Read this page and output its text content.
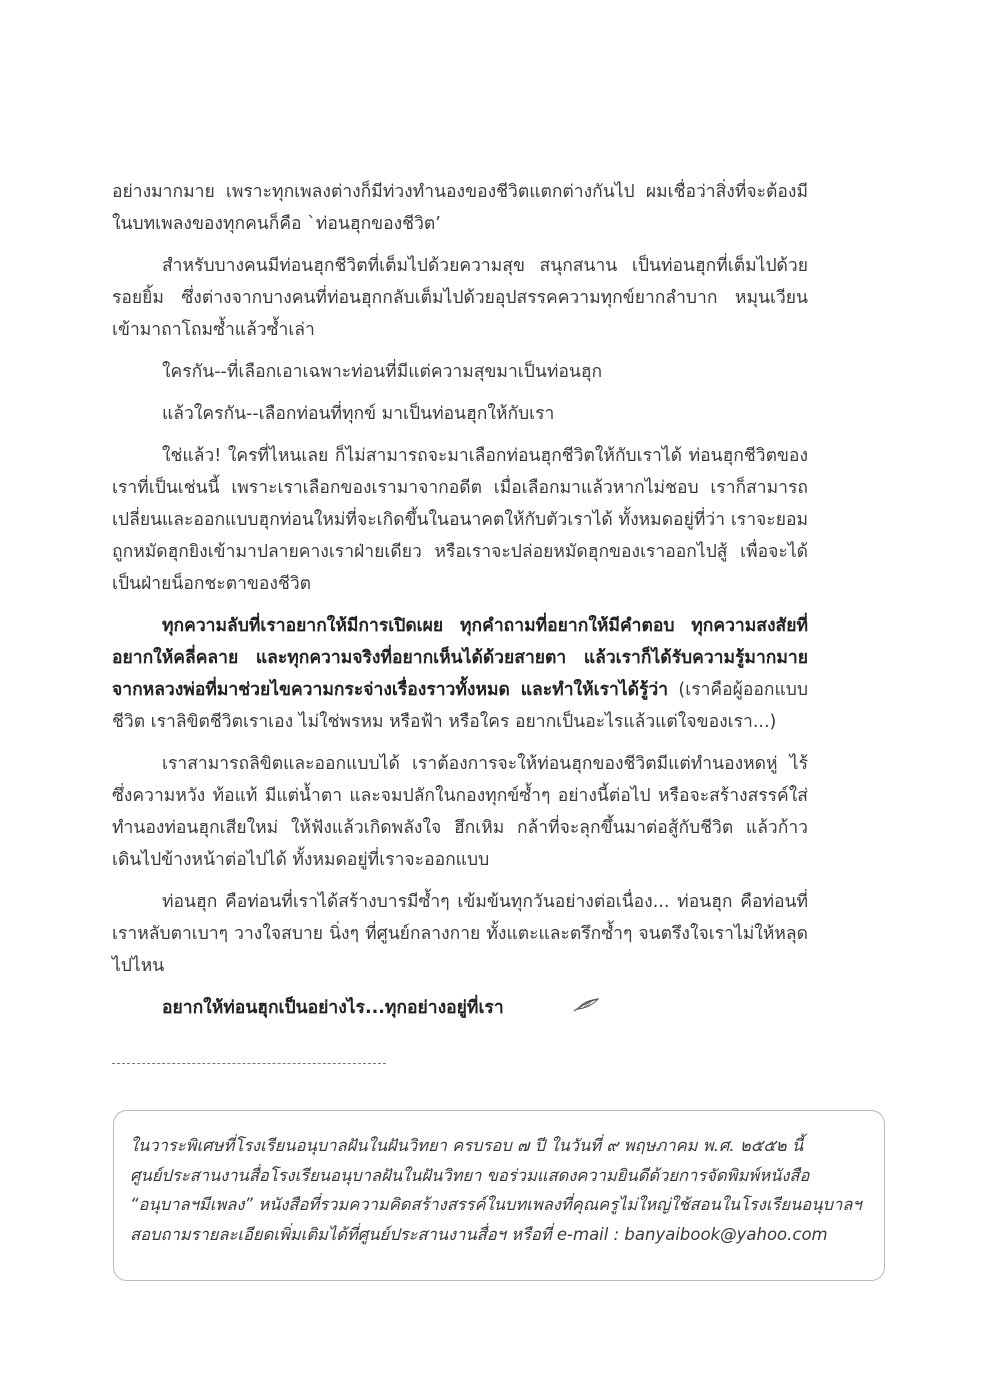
อย่างมากมาย เพราะทุกเพลงต่างก็มีท่วงทำนองของชีวิตแตกต่างกันไป ผมเชื่อว่าสิ่งที่จะต้องมีในบทเพลงของทุกคนก็คือ `ท่อนฮุกของชีวิต’

สำหรับบางคนมีท่อนฮุกชีวิตที่เต็มไปด้วยความสุข สนุกสนาน เป็นท่อนฮุกที่เต็มไปด้วยรอยยิ้ม ซึ่งต่างจากบางคนที่ท่อนฮุกกลับเต็มไปด้วยอุปสรรคความทุกข์ยากลำบาก หมุนเวียนเข้ามาถาโถมซ้ำแล้วซ้ำเล่า

ใครกัน--ที่เลือกเอาเฉพาะท่อนที่มีแต่ความสุขมาเป็นท่อนฮุก

แล้วใครกัน--เลือกท่อนที่ทุกข์ มาเป็นท่อนฮุกให้กับเรา

ใช่แล้ว! ใครที่ไหนเลย ก็ไม่สามารถจะมาเลือกท่อนฮุกชีวิตให้กับเราได้ ท่อนฮุกชีวิตของเราที่เป็นเช่นนี้ เพราะเราเลือกของเรามาจากอดีต เมื่อเลือกมาแล้วหากไม่ชอบ เราก็สามารถเปลี่ยนและออกแบบฮุกท่อนใหม่ที่จะเกิดขึ้นในอนาคตให้กับตัวเราได้ ทั้งหมดอยู่ที่ว่า เราจะยอมถูกหมัดฮุกยิงเข้ามาปลายคางเราฝ่ายเดียว หรือเราจะปล่อยหมัดฮุกของเราออกไปสู้ เพื่อจะได้เป็นฝ่ายน็อกชะตาของชีวิต

ทุกความลับที่เราอยากให้มีการเปิดเผย ทุกคำถามที่อยากให้มีคำตอบ ทุกความสงสัยที่อยากให้คลี่คลาย และทุกความจริงที่อยากเห็นได้ด้วยสายตา แล้วเราก็ได้รับความรู้มากมายจากหลวงพ่อที่มาช่วยไขความกระจ่างเรื่องราวทั้งหมด และทำให้เราได้รู้ว่า (เราคือผู้ออกแบบชีวิต เราลิขิตชีวิตเราเอง ไม่ใช่พรหม หรือฟ้า หรือใคร อยากเป็นอะไรแล้วแต่ใจของเรา...)

เราสามารถลิขิตและออกแบบได้ เราต้องการจะให้ท่อนฮุกของชีวิตมีแต่ทำนองหดหู่ ไร้ซึ่งความหวัง ท้อแท้ มีแต่น้ำตา และจมปลักในกองทุกข์ซ้ำๆ อย่างนี้ต่อไป หรือจะสร้างสรรค์ใส่ทำนองท่อนฮุกเสียใหม่ ให้ฟังแล้วเกิดพลังใจ ฮึกเหิม กล้าที่จะลุกขึ้นมาต่อสู้กับชีวิต แล้วก้าวเดินไปข้างหน้าต่อไปได้ ทั้งหมดอยู่ที่เราจะออกแบบ

ท่อนฮุก คือท่อนที่เราได้สร้างบารมีซ้ำๆ เข้มข้นทุกวันอย่างต่อเนื่อง... ท่อนฮุก คือท่อนที่เราหลับตาเบาๆ วางใจสบาย นิ่งๆ ที่ศูนย์กลางกาย ทั้งแตะและตรึกซ้ำๆ จนตรึงใจเราไม่ให้หลุดไปไหน

อยากให้ท่อนฮุกเป็นอย่างไร...ทุกอย่างอยู่ที่เรา

ในวาระพิเศษที่โรงเรียนอนุบาลฝันในฝันวิทยา ครบรอบ ๗ ปี ในวันที่ ๙ พฤษภาคม พ.ศ. ๒๕๕๒ นี้

ศูนย์ประสานงานสื่อโรงเรียนอนุบาลฝันในฝันวิทยา ขอร่วมแสดงความยินดีด้วยการจัดพิมพ์หนังสือ

“อนุบาลฯมีเพลง” หนังสือที่รวมความคิดสร้างสรรค์ในบทเพลงที่คุณครูไม่ใหญ่ใช้สอนในโรงเรียนอนุบาลฯ

สอบถามรายละเอียดเพิ่มเติมได้ที่ศูนย์ประสานงานสื่อฯ หรือที่ e-mail : banyaibook@yahoo.com
